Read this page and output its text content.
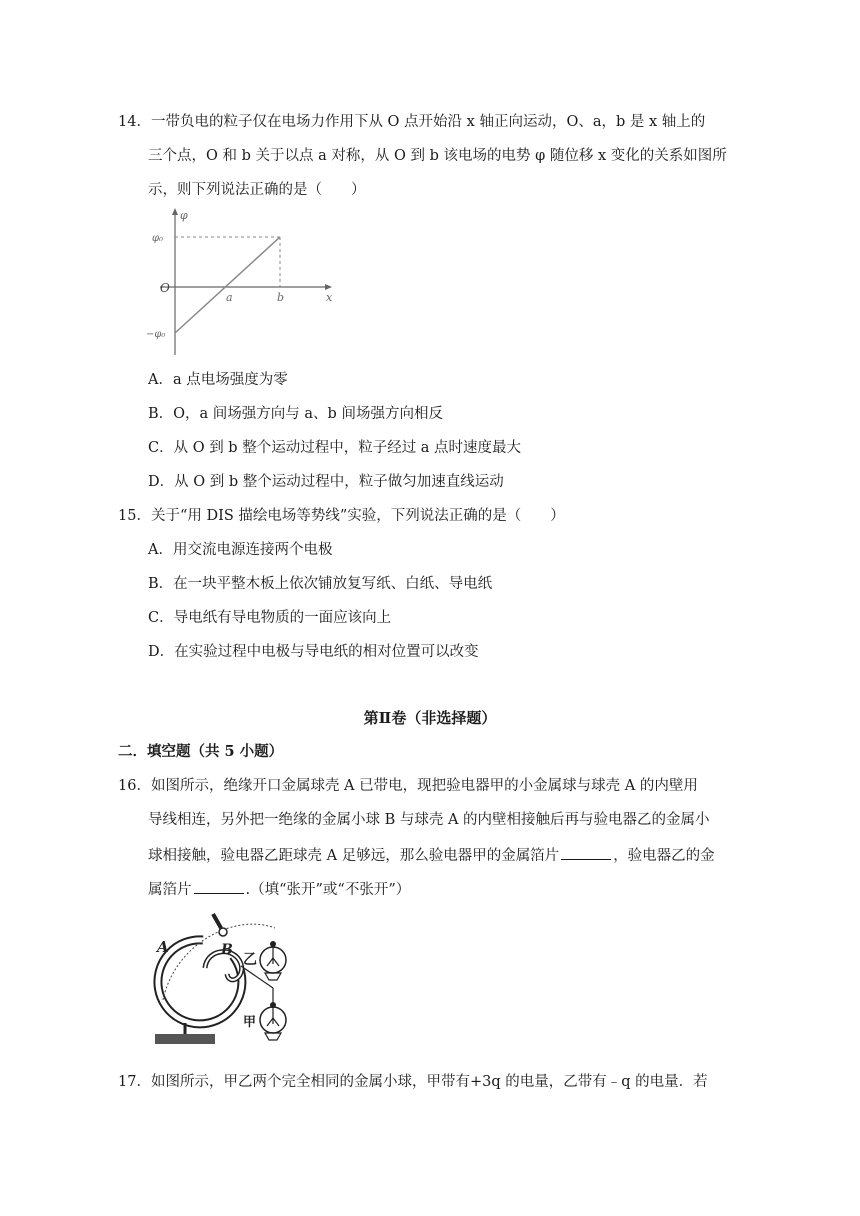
14．一带负电的粒子仅在电场力作用下从 O 点开始沿 x 轴正向运动，O、a，b 是 x 轴上的
三个点，O 和 b 关于以点 a 对称，从 O 到 b 该电场的电势 φ 随位移 x 变化的关系如图所
示，则下列说法正确的是（　　）
φ
x
O
φ₀
−φ₀
a	b
A．a 点电场强度为零
B．O，a 间场强方向与 a、b 间场强方向相反
C．从 O 到 b 整个运动过程中，粒子经过 a 点时速度最大
D．从 O 到 b 整个运动过程中，粒子做匀加速直线运动
15．关于“用 DIS 描绘电场等势线”实验，下列说法正确的是（　　）
A．用交流电源连接两个电极
B．在一块平整木板上依次铺放复写纸、白纸、导电纸
C．导电纸有导电物质的一面应该向上
D．在实验过程中电极与导电纸的相对位置可以改变
第Ⅱ卷（非选择题）
二．填空题（共 5 小题）
16．如图所示，绝缘开口金属球壳 A 已带电，现把验电器甲的小金属球与球壳 A 的内壁用
导线相连，另外把一绝缘的金属小球 B 与球壳 A 的内壁相接触后再与验电器乙的金属小
球相接触，验电器乙距球壳 A 足够远，那么验电器甲的金属箔片	，验电器乙的金
属箔片	.（填“张开”或“不张开”）
A	B
乙
甲
17．如图所示，甲乙两个完全相同的金属小球，甲带有+3q 的电量，乙带有﹣q 的电量．若
